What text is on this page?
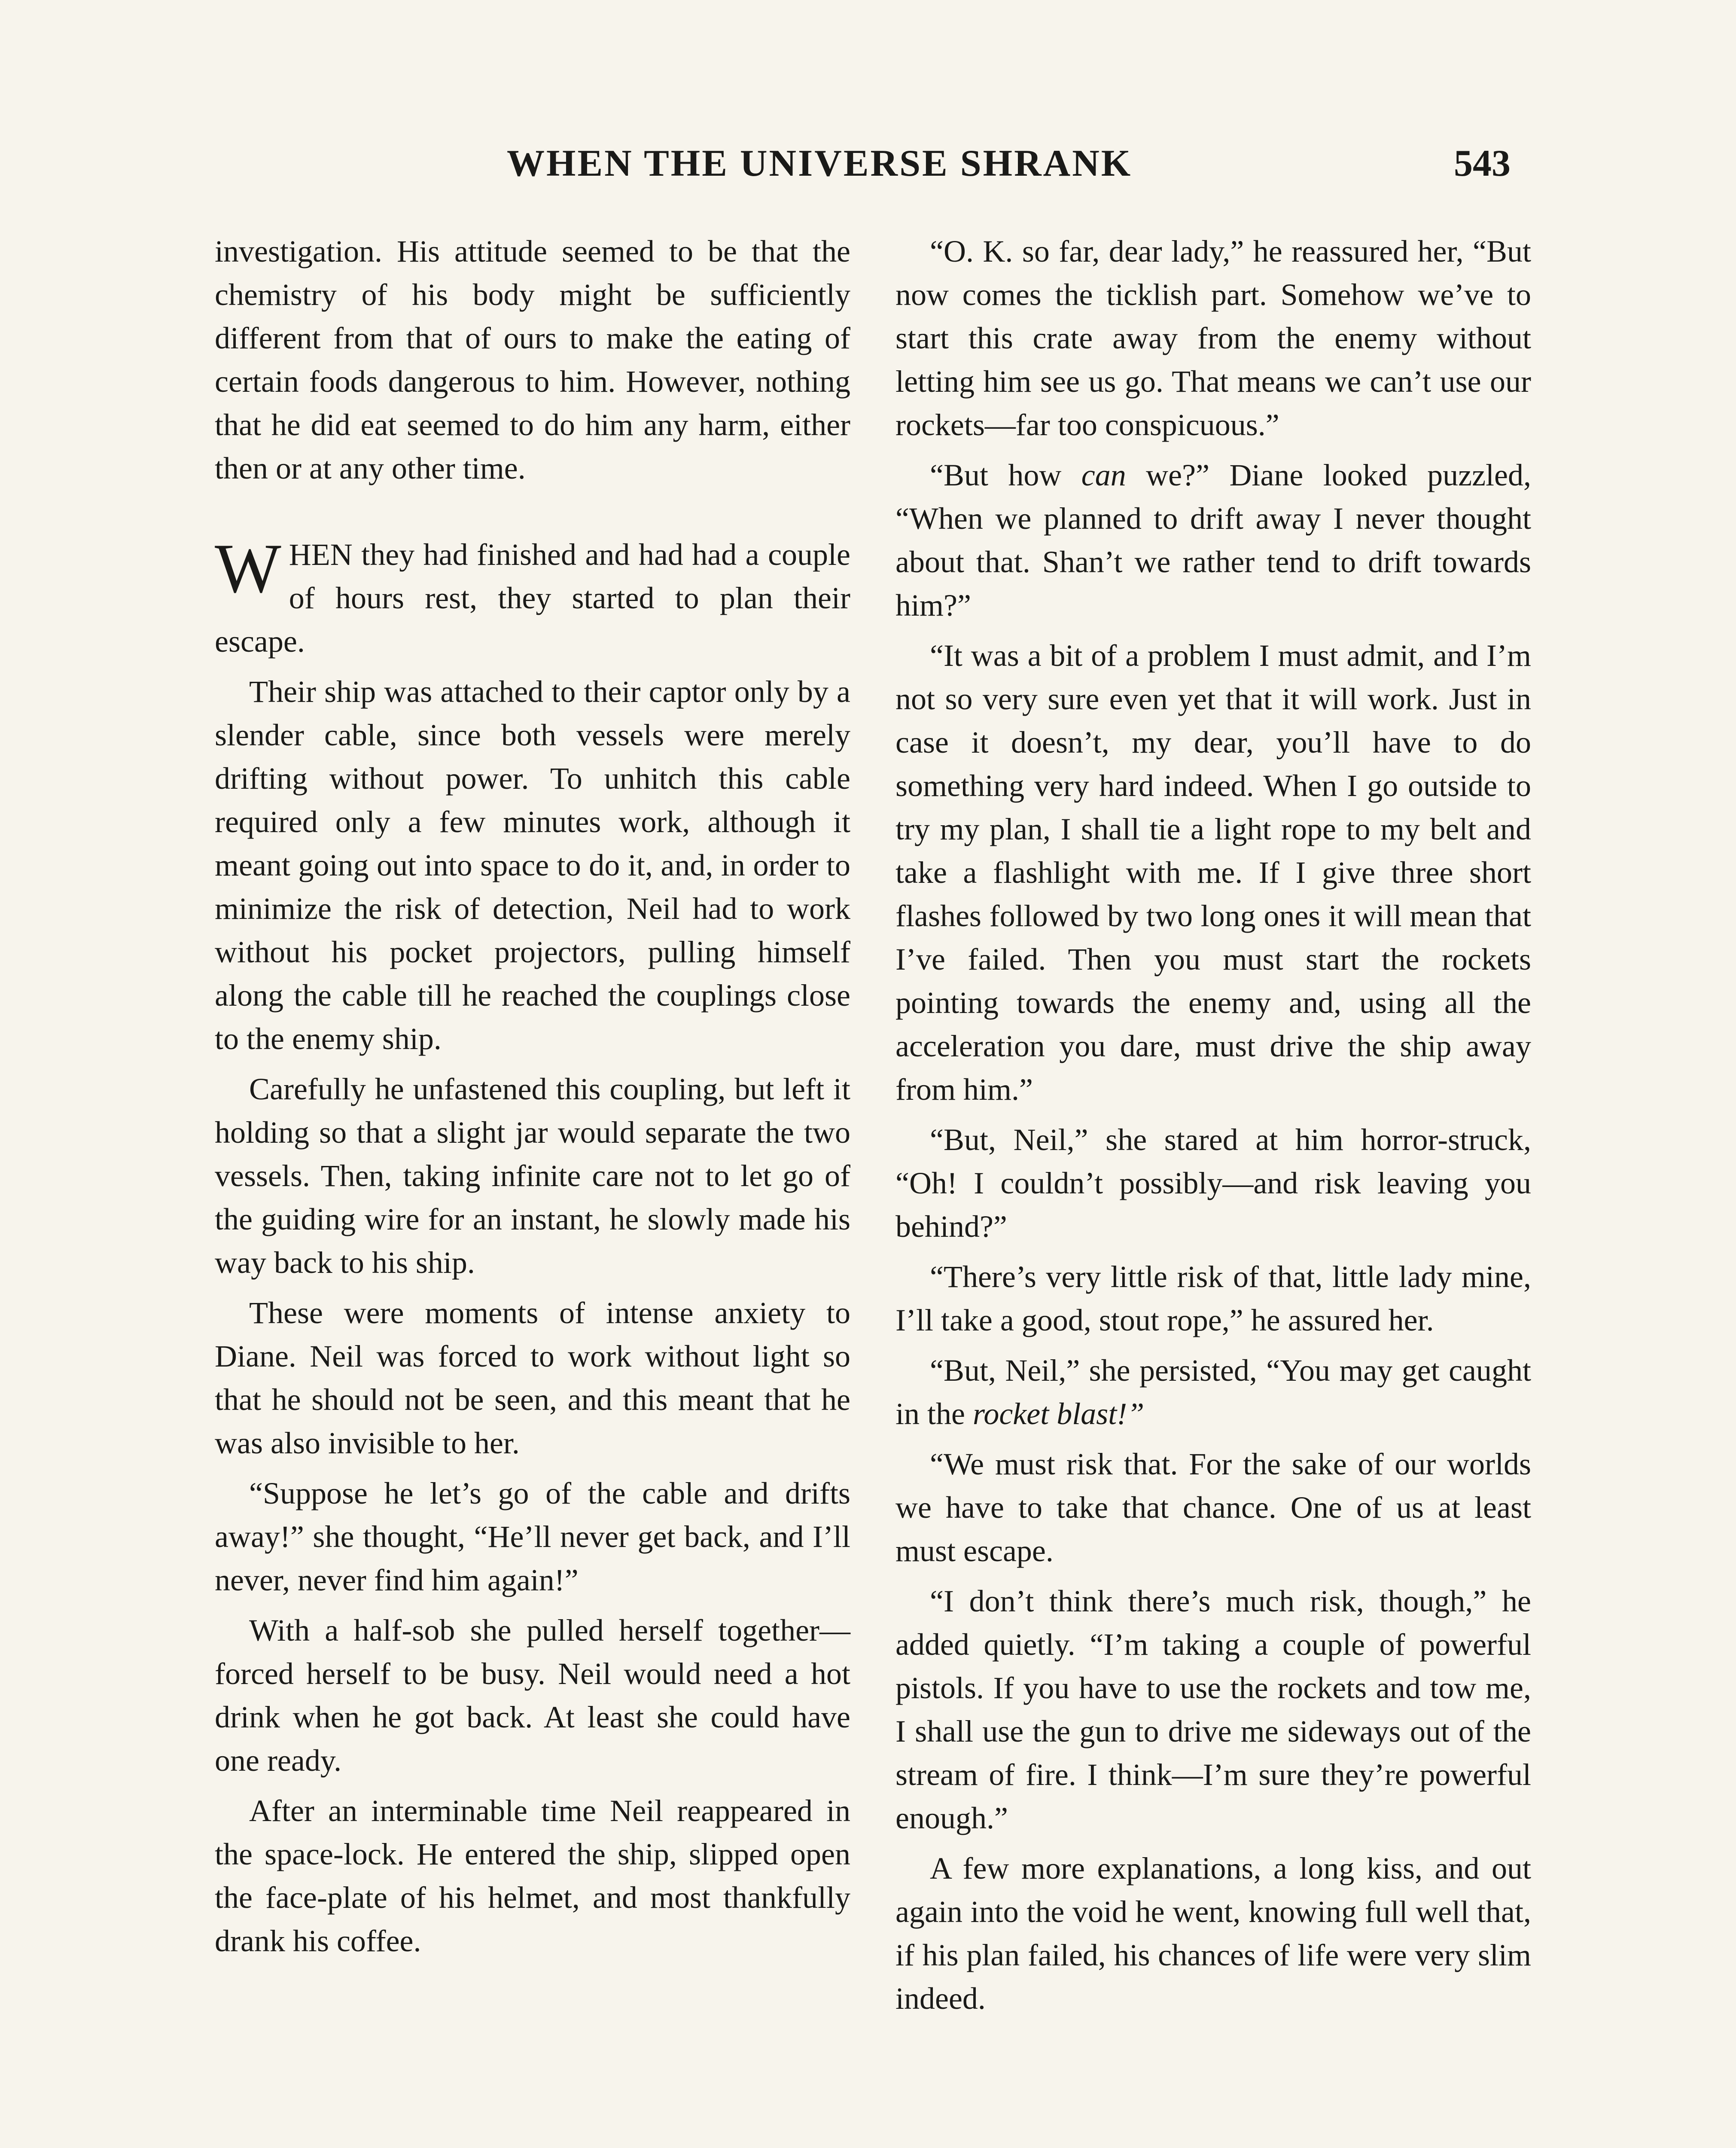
WHEN THE UNIVERSE SHRANK	543

investigation. His attitude seemed to be that the chemistry of his body might be sufficiently different from that of ours to make the eating of certain foods dangerous to him. However, nothing that he did eat seemed to do him any harm, either then or at any other time.

WHEN they had finished and had had a couple of hours rest, they started to plan their escape.

Their ship was attached to their captor only by a slender cable, since both vessels were merely drifting without power. To unhitch this cable required only a few minutes work, although it meant going out into space to do it, and, in order to minimize the risk of detection, Neil had to work without his pocket projectors, pulling himself along the cable till he reached the couplings close to the enemy ship.

Carefully he unfastened this coupling, but left it holding so that a slight jar would separate the two vessels. Then, taking infinite care not to let go of the guiding wire for an instant, he slowly made his way back to his ship.

These were moments of intense anxiety to Diane. Neil was forced to work without light so that he should not be seen, and this meant that he was also invisible to her.

“Suppose he let’s go of the cable and drifts away!” she thought, “He’ll never get back, and I’ll never, never find him again!”

With a half-sob she pulled herself together—forced herself to be busy. Neil would need a hot drink when he got back. At least she could have one ready.

After an interminable time Neil reappeared in the space-lock. He entered the ship, slipped open the face-plate of his helmet, and most thankfully drank his coffee.

“O. K. so far, dear lady,” he reassured her, “But now comes the ticklish part. Somehow we’ve to start this crate away from the enemy without letting him see us go. That means we can’t use our rockets—far too conspicuous.”

“But how can we?” Diane looked puzzled, “When we planned to drift away I never thought about that. Shan’t we rather tend to drift towards him?”

“It was a bit of a problem I must admit, and I’m not so very sure even yet that it will work. Just in case it doesn’t, my dear, you’ll have to do something very hard indeed. When I go outside to try my plan, I shall tie a light rope to my belt and take a flashlight with me. If I give three short flashes followed by two long ones it will mean that I’ve failed. Then you must start the rockets pointing towards the enemy and, using all the acceleration you dare, must drive the ship away from him.”

“But, Neil,” she stared at him horror-struck, “Oh! I couldn’t possibly—and risk leaving you behind?”

“There’s very little risk of that, little lady mine, I’ll take a good, stout rope,” he assured her.

“But, Neil,” she persisted, “You may get caught in the rocket blast!”

“We must risk that. For the sake of our worlds we have to take that chance. One of us at least must escape.

“I don’t think there’s much risk, though,” he added quietly. “I’m taking a couple of powerful pistols. If you have to use the rockets and tow me, I shall use the gun to drive me sideways out of the stream of fire. I think—I’m sure they’re powerful enough.”

A few more explanations, a long kiss, and out again into the void he went, knowing full well that, if his plan failed, his chances of life were very slim indeed.
